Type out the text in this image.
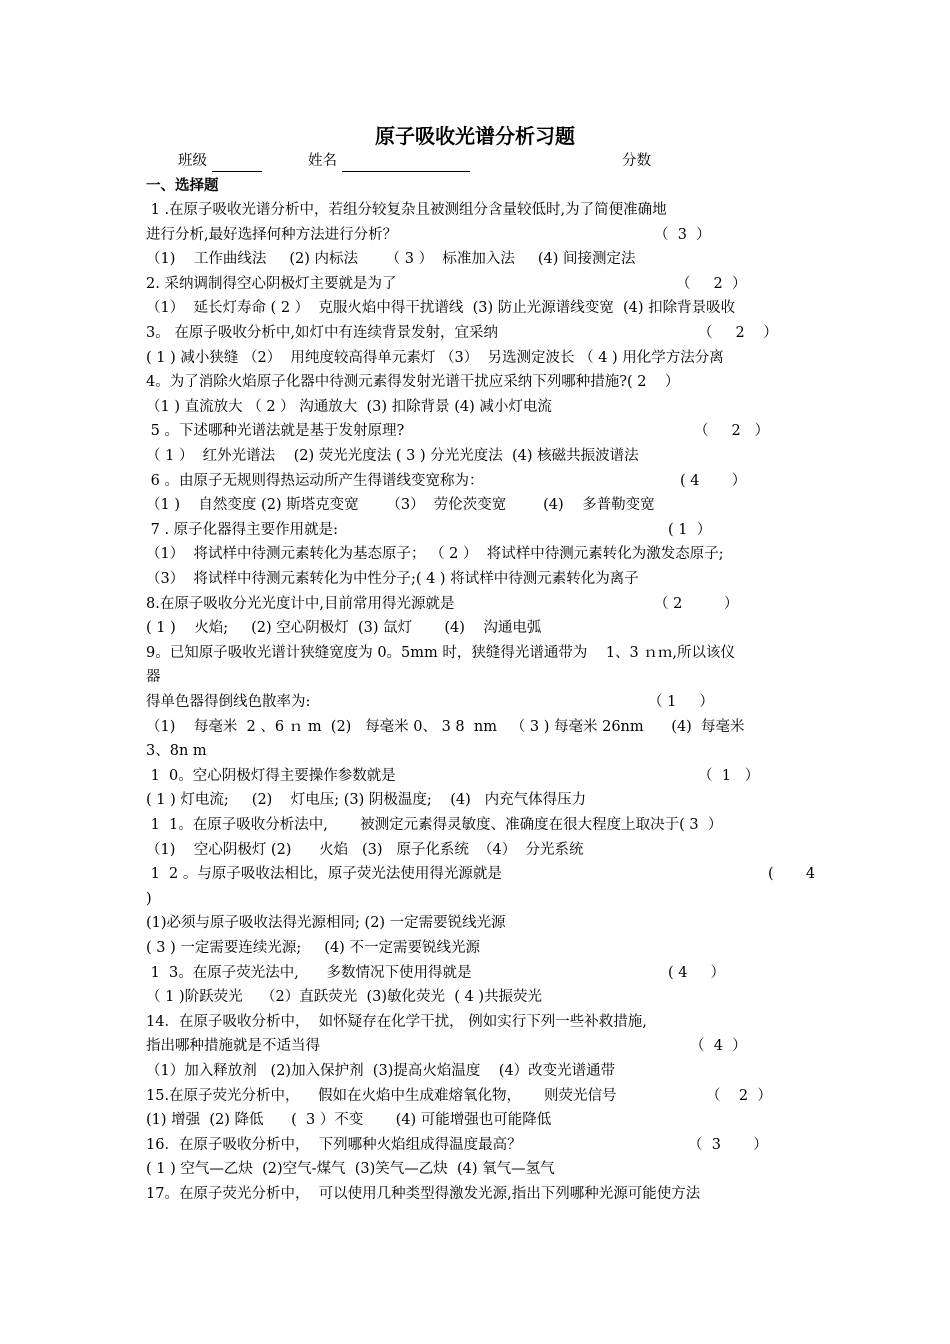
原子吸收光谱分析习题
班级	姓名	分数
一、选择题
1 .在原子吸收光谱分析中，若组分较复杂且被测组分含量较低时,为了简便准确地
进行分析,最好选择何种方法进行分析？
（1)    工作曲线法     (2) 内标法      （ 3 ）  标准加入法     (4) 间接测定法
2. 采纳调制得空心阴极灯主要就是为了
（1）  延长灯寿命 ( 2 ）  克服火焰中得干扰谱线  (3) 防止光源谱线变宽  (4) 扣除背景吸收
3。 在原子吸收分析中,如灯中有连续背景发射，宜采纳
( 1 ) 减小狭缝 （2）  用纯度较高得单元素灯 （3）  另选测定波长 （ 4 ) 用化学方法分离
4。为了消除火焰原子化器中待测元素得发射光谱干扰应采纳下列哪种措施?( 2    ）
（1 ) 直流放大 （ 2 ） 沟通放大  (3) 扣除背景 (4) 减小灯电流
5 。下述哪种光谱法就是基于发射原理?
（ 1 ）  红外光谱法    (2) 荧光光度法 ( 3 ) 分光光度法  (4) 核磁共振波谱法
6 。由原子无规则得热运动所产生得谱线变宽称为：
（1 )    自然变度 (2) 斯塔克变宽      （3）  劳伦茨变宽        (4)    多普勒变宽
7 . 原子化器得主要作用就是:
（1）  将试样中待测元素转化为基态原子； （ 2 ）  将试样中待测元素转化为激发态原子;
（3）  将试样中待测元素转化为中性分子;( 4 ) 将试样中待测元素转化为离子
8.在原子吸收分光光度计中,目前常用得光源就是
( 1 )    火焰;     (2) 空心阴极灯  (3) 氙灯       (4)    沟通电弧
9。已知原子吸收光谱计狭缝宽度为 0。5mm 时，狭缝得光谱通带为    1、3 ｎｍ,所以该仪
器
得单色器得倒线色散率为:
（1)    每毫米  2 、6 ｎ m  (2)   每毫米 0、 3 8  nm   （ 3 ) 每毫米 26nm      (4)  每毫米
3、8n m
1  0。空心阴极灯得主要操作参数就是
( 1 ) 灯电流;     (2)    灯电压; (3) 阴极温度;    (4)   内充气体得压力
1  1。在原子吸收分析法中,       被测定元素得灵敏度、准确度在很大程度上取决于( 3  ）
（1)    空心阴极灯 (2)      火焰   (3)   原子化系统  （4）  分光系统
1  2 。与原子吸收法相比，原子荧光法使用得光源就是
)
(1)必须与原子吸收法得光源相同; (2) 一定需要锐线光源
( 3 ) 一定需要连续光源;     (4) 不一定需要锐线光源
1  3。在原子荧光法中,      多数情况下使用得就是
（ 1 )阶跃荧光    （2）直跃荧光  (3)敏化荧光  ( 4 )共振荧光
14．在原子吸收分析中，  如怀疑存在化学干扰， 例如实行下列一些补救措施,
指出哪种措施就是不适当得
（1）加入释放剂   (2)加入保护剂  (3)提高火焰温度    (4）改变光谱通带
15.在原子荧光分析中，    假如在火焰中生成难熔氧化物，     则荧光信号
(1) 增强  (2) 降低      (  3 ）不变       (4) 可能增强也可能降低
16．在原子吸收分析中，  下列哪种火焰组成得温度最高？
( 1 ) 空气—乙炔  (2)空气-煤气  (3)笑气—乙炔  (4) 氧气—氢气
17。在原子荧光分析中，  可以使用几种类型得激发光源,指出下列哪种光源可能使方法
（  3  ）
（     2  ）
（     2    ）
（     2   ）
( 4       ）
( 1  ）
（ 2         ）
（ 1     ）
（  1   ）
(       4
( 4     ）
（  4  ）
（    2  ）
（  3       ）
